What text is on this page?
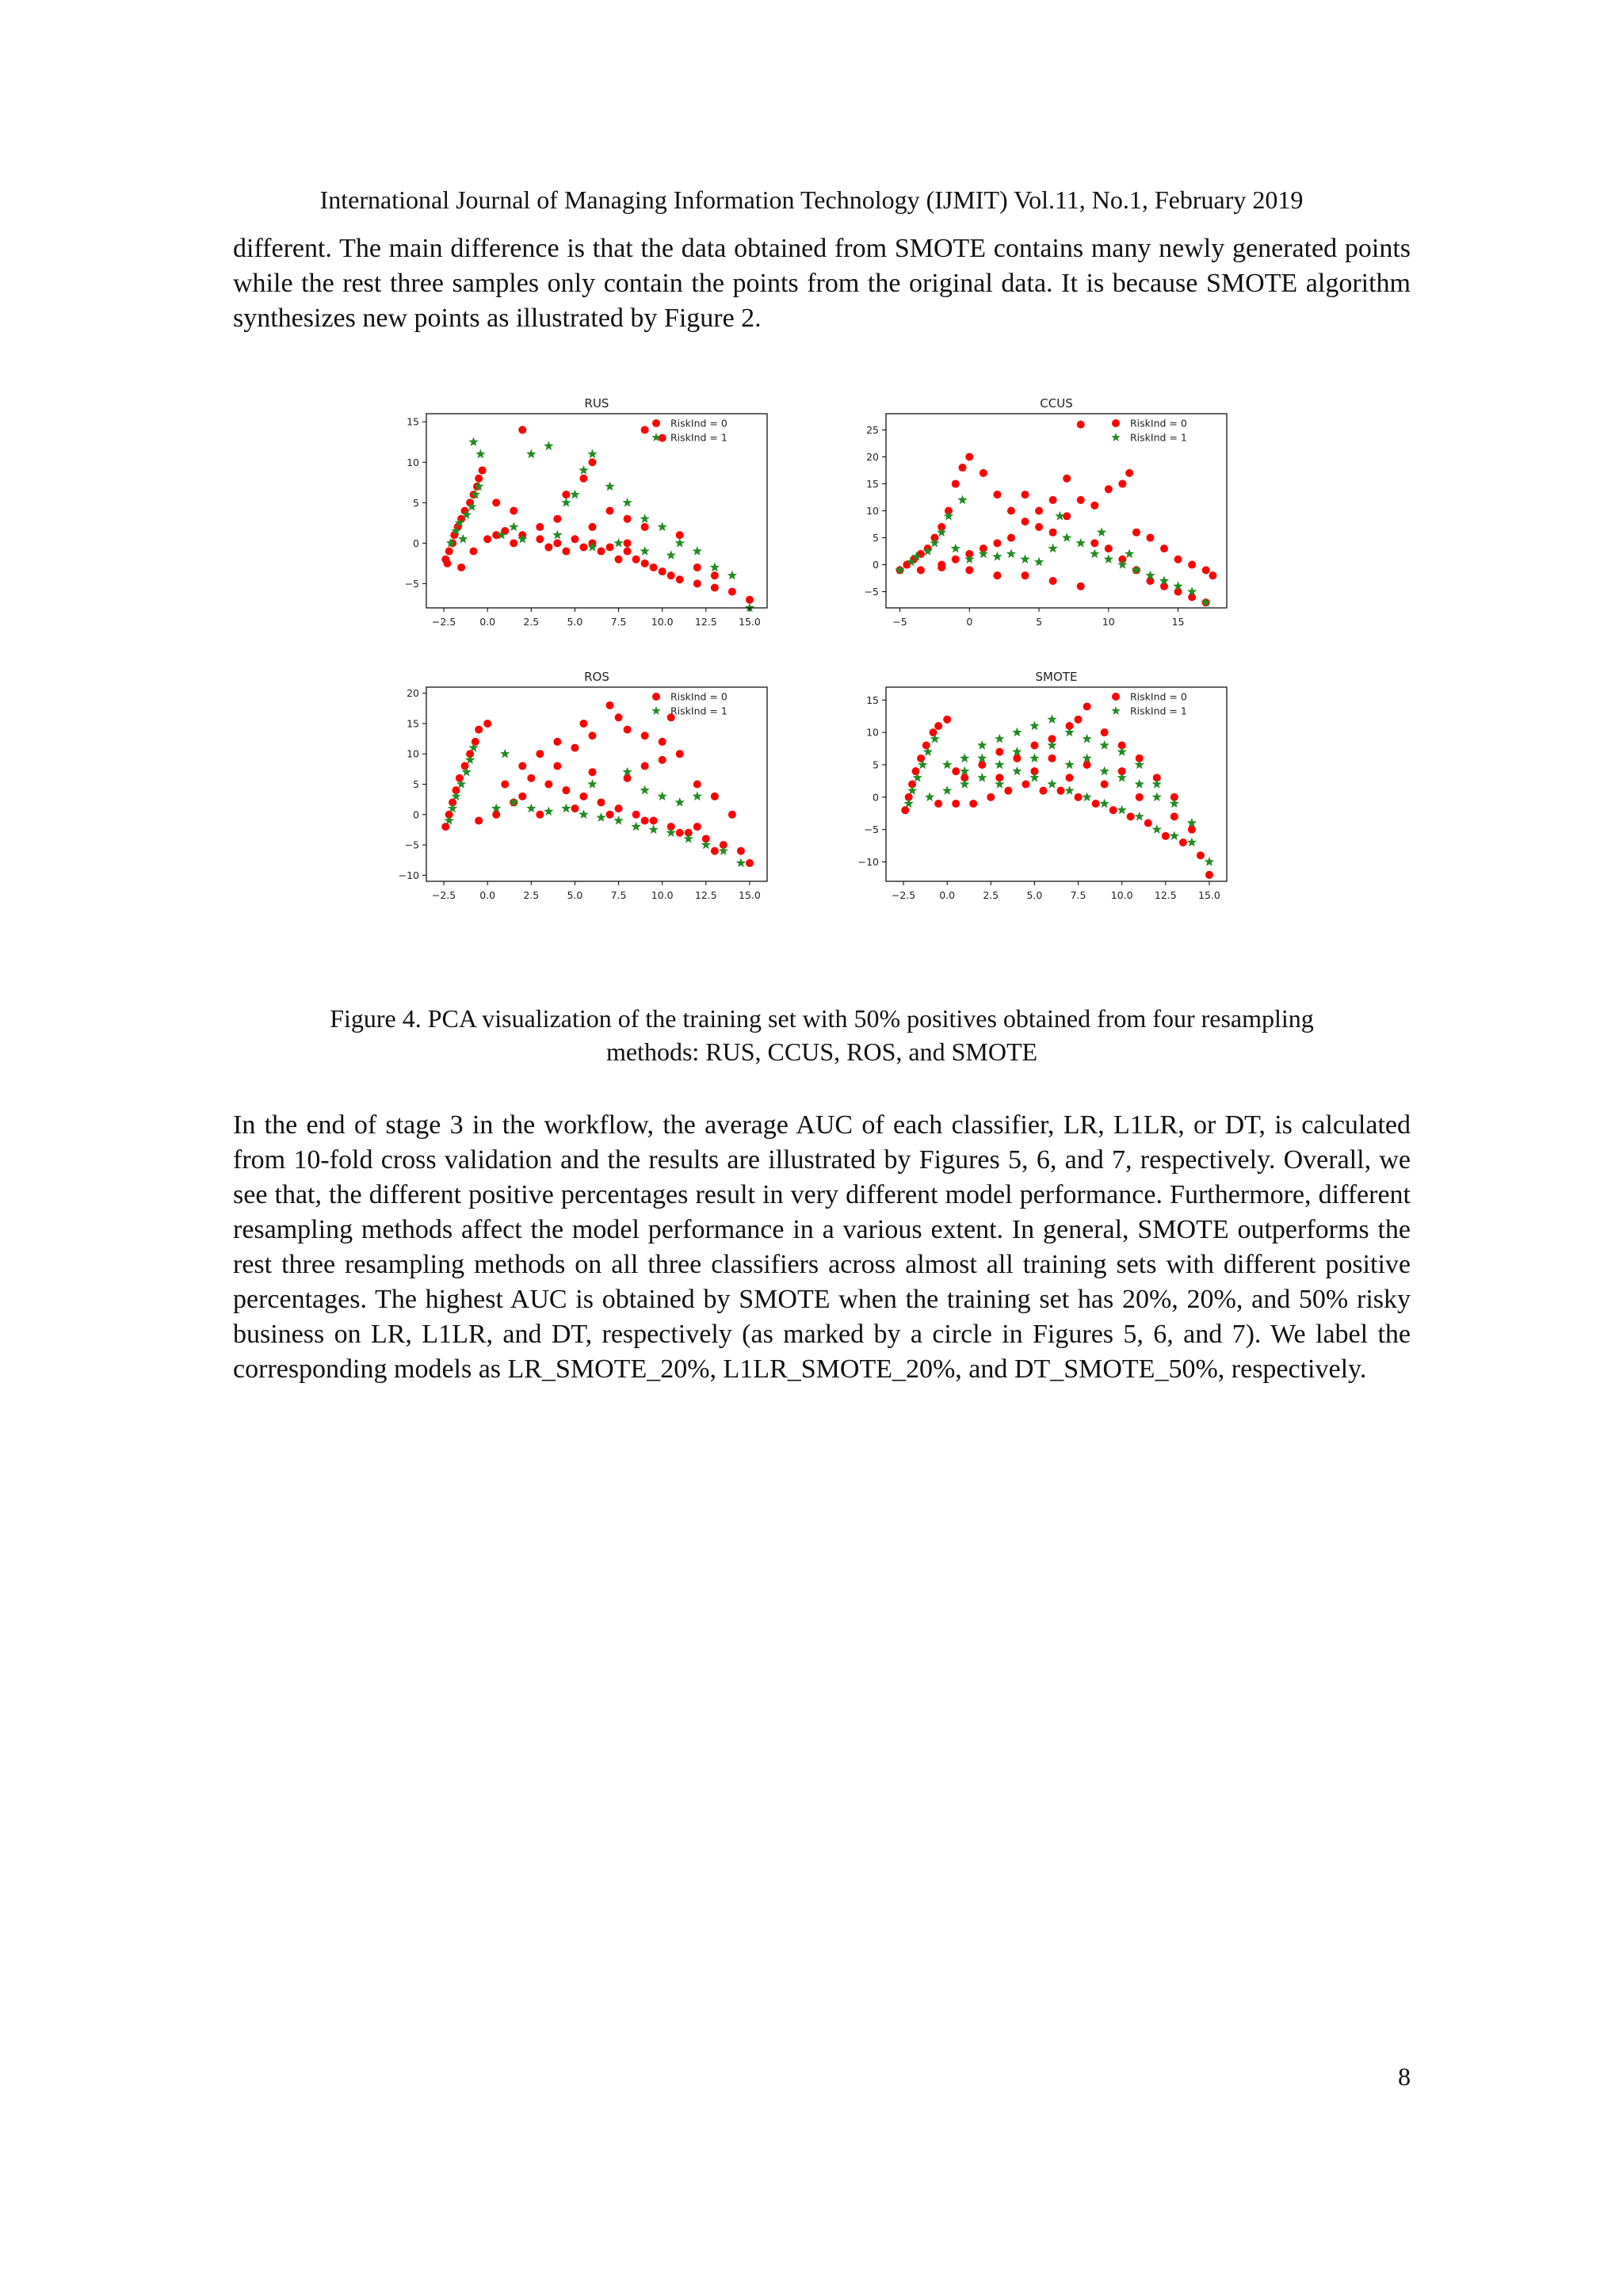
International Journal of Managing Information Technology (IJMIT) Vol.11, No.1, February 2019

different. The main difference is that the data obtained from SMOTE contains many newly generated points while the rest three samples only contain the points from the original data. It is because SMOTE algorithm synthesizes new points as illustrated by Figure 2.

RUS
−2.5 0.0	2.5	5.0	7.5	10.0 12.5 15.0
−5
0
5
10
15	RiskInd = 0
RiskInd = 1
CCUS
−5	0	5	10	15
−5
0
5
10
15
20
25
RiskInd = 0
RiskInd = 1
ROS
−2.5 0.0	2.5	5.0	7.5	10.0 12.5 15.0
−10
−5
0
5
10
15
20	RiskInd = 0
RiskInd = 1
SMOTE
−2.5 0.0	2.5	5.0	7.5	10.0 12.5 15.0
−10
−5
0
5
10
15	RiskInd = 0
RiskInd = 1
Figure 4. PCA visualization of the training set with 50% positives obtained from four resampling
methods: RUS, CCUS, ROS, and SMOTE

In the end of stage 3 in the workflow, the average AUC of each classifier, LR, L1LR, or DT, is calculated from 10-fold cross validation and the results are illustrated by Figures 5, 6, and 7, respectively. Overall, we see that, the different positive percentages result in very different model performance. Furthermore, different resampling methods affect the model performance in a various extent. In general, SMOTE outperforms the rest three resampling methods on all three classifiers across almost all training sets with different positive percentages. The highest AUC is obtained by SMOTE when the training set has 20%, 20%, and 50% risky business on LR, L1LR, and DT, respectively (as marked by a circle in Figures 5, 6, and 7). We label the corresponding models as LR_SMOTE_20%, L1LR_SMOTE_20%, and DT_SMOTE_50%, respectively.

8
